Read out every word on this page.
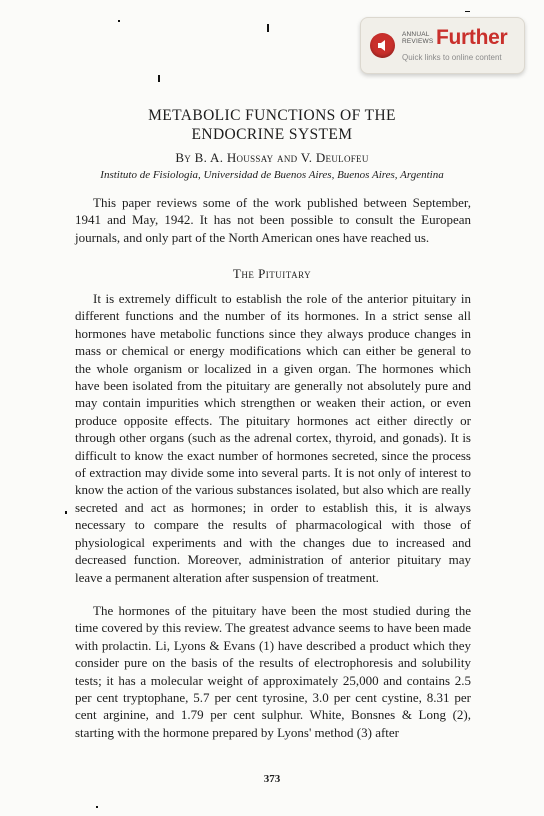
ANNUAL
REVIEWS Further
Quick links to online content
METABOLIC FUNCTIONS OF THE
ENDOCRINE SYSTEM
By B. A. Houssay and V. Deulofeu
Instituto de Fisiologia, Universidad de Buenos Aires, Buenos Aires, Argentina

This paper reviews some of the work published between September, 1941 and May, 1942. It has not been possible to consult the European journals, and only part of the North American ones have reached us.

The Pituitary

It is extremely difficult to establish the role of the anterior pituitary in different functions and the number of its hormones. In a strict sense all hormones have metabolic functions since they always produce changes in mass or chemical or energy modifications which can either be general to the whole organism or localized in a given organ. The hormones which have been isolated from the pituitary are generally not absolutely pure and may contain impurities which strengthen or weaken their action, or even produce opposite effects. The pituitary hormones act either directly or through other organs (such as the adrenal cortex, thyroid, and gonads). It is difficult to know the exact number of hormones secreted, since the process of extraction may divide some into several parts. It is not only of interest to know the action of the various substances isolated, but also which are really secreted and act as hormones; in order to establish this, it is always necessary to compare the results of pharmacological with those of physiological experiments and with the changes due to increased and decreased function. Moreover, administration of anterior pituitary may leave a permanent alteration after suspension of treatment.

The hormones of the pituitary have been the most studied during the time covered by this review. The greatest advance seems to have been made with prolactin. Li, Lyons & Evans (1) have described a product which they consider pure on the basis of the results of electrophoresis and solubility tests; it has a molecular weight of approximately 25,000 and contains 2.5 per cent tryptophane, 5.7 per cent tyrosine, 3.0 per cent cystine, 8.31 per cent arginine, and 1.79 per cent sulphur. White, Bonsnes & Long (2), starting with the hormone prepared by Lyons' method (3) after

373
